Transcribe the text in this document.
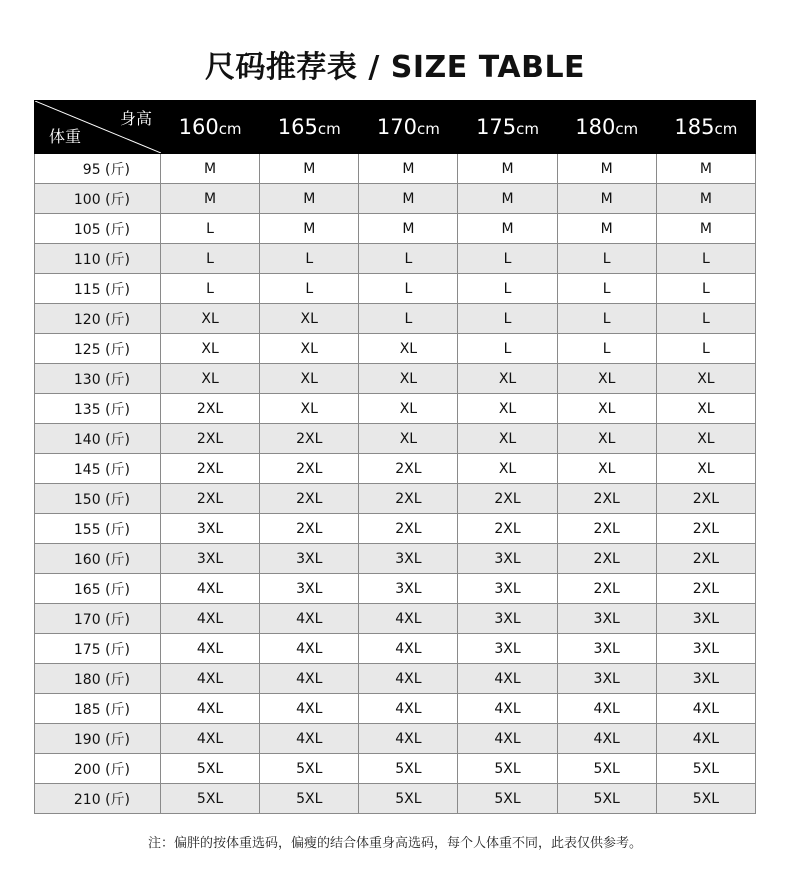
尺码推荐表 / SIZE TABLE
身高
体重	160cm	165cm	170cm	175cm	180cm	185cm
95 (斤)	M	M	M	M	M	M
100 (斤)	M	M	M	M	M	M
105 (斤)	L	M	M	M	M	M
110 (斤)	L	L	L	L	L	L
115 (斤)	L	L	L	L	L	L
120 (斤)	XL	XL	L	L	L	L
125 (斤)	XL	XL	XL	L	L	L
130 (斤)	XL	XL	XL	XL	XL	XL
135 (斤)	2XL	XL	XL	XL	XL	XL
140 (斤)	2XL	2XL	XL	XL	XL	XL
145 (斤)	2XL	2XL	2XL	XL	XL	XL
150 (斤)	2XL	2XL	2XL	2XL	2XL	2XL
155 (斤)	3XL	2XL	2XL	2XL	2XL	2XL
160 (斤)	3XL	3XL	3XL	3XL	2XL	2XL
165 (斤)	4XL	3XL	3XL	3XL	2XL	2XL
170 (斤)	4XL	4XL	4XL	3XL	3XL	3XL
175 (斤)	4XL	4XL	4XL	3XL	3XL	3XL
180 (斤)	4XL	4XL	4XL	4XL	3XL	3XL
185 (斤)	4XL	4XL	4XL	4XL	4XL	4XL
190 (斤)	4XL	4XL	4XL	4XL	4XL	4XL
200 (斤)	5XL	5XL	5XL	5XL	5XL	5XL
210 (斤)	5XL	5XL	5XL	5XL	5XL	5XL
注：偏胖的按体重选码，偏瘦的结合体重身高选码，每个人体重不同，此表仅供参考。
